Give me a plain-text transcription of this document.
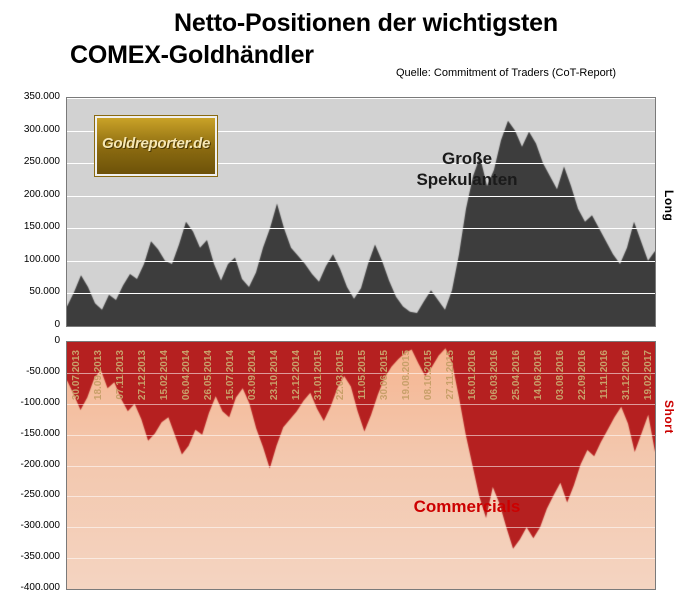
Netto-Positionen der wichtigsten
COMEX-Goldhändler
Quelle: Commitment of Traders (CoT-Report)
Goldreporter.de
Große
Spekulanten
0
50.000
100.000
150.000
200.000
250.000
300.000
350.000
Long
30.07.2013 18.09.2013 07.11.2013 27.12.2013 15.02.2014 06.04.2014 26.05.2014 15.07.2014 03.09.2014 23.10.2014 12.12.2014 31.01.2015 22.03.2015 11.05.2015 30.06.2015 19.08.2015 08.10.2015 27.11.2015 16.01.2016 06.03.2016 25.04.2016 14.06.2016 03.08.2016 22.09.2016 11.11.2016 31.12.2016 19.02.2017
Commercials
0
-50.000
-100.000
-150.000
-200.000
-250.000
-300.000
-350.000
-400.000
Short
